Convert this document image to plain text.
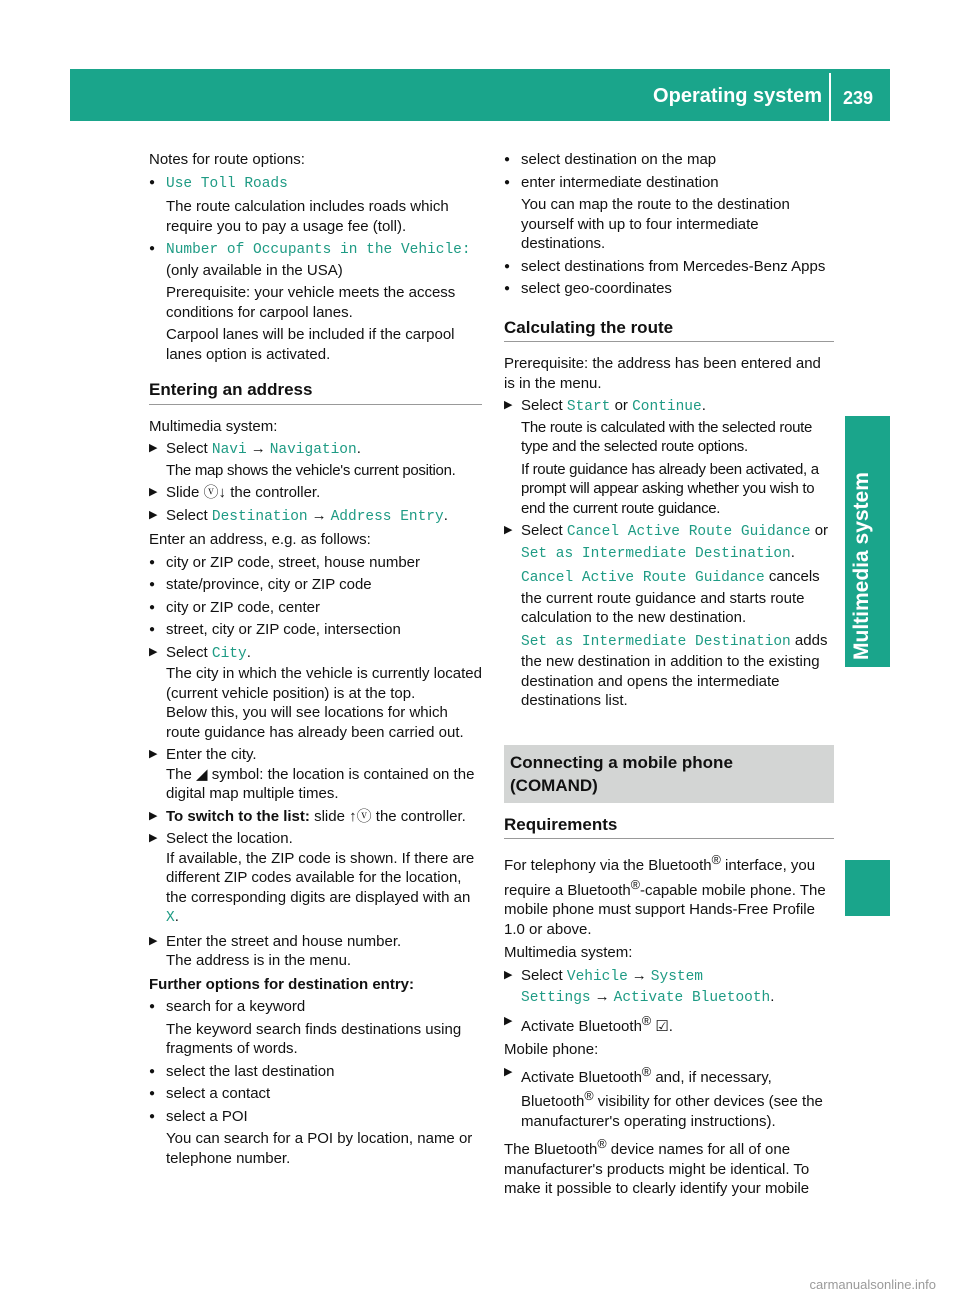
Operating system 239
Multimedia system

Notes for route options:

● Use Toll Roads

The route calculation includes roads which require you to pay a usage fee (toll).

● Number of Occupants in the Vehicle:

(only available in the USA)

Prerequisite: your vehicle meets the access conditions for carpool lanes.

Carpool lanes will be included if the carpool lanes option is activated.

Entering an address

Multimedia system:

▶ Select Navi → Navigation.

The map shows the vehicle's current position.

▶ Slide ⓥ↓ the controller.
▶ Select Destination → Address Entry.

Enter an address, e.g. as follows:

● city or ZIP code, street, house number
● state/province, city or ZIP code
● city or ZIP code, center
● street, city or ZIP code, intersection
▶ Select City.

The city in which the vehicle is currently located (current vehicle position) is at the top.

Below this, you will see locations for which route guidance has already been carried out.

▶ Enter the city.

The ◢ symbol: the location is contained on the digital map multiple times.

▶ To switch to the list: slide ↑ⓥ the controller.
▶ Select the location.

If available, the ZIP code is shown. If there are different ZIP codes available for the location, the corresponding digits are displayed with an X.

▶ Enter the street and house number.

The address is in the menu.

Further options for destination entry:

● search for a keyword

The keyword search finds destinations using fragments of words.

● select the last destination
● select a contact
● select a POI

You can search for a POI by location, name or telephone number.

● select destination on the map
● enter intermediate destination

You can map the route to the destination yourself with up to four intermediate destinations.

● select destinations from Mercedes-Benz Apps
● select geo-coordinates
Calculating the route

Prerequisite: the address has been entered and is in the menu.

▶ Select Start or Continue.

The route is calculated with the selected route type and the selected route options.

If route guidance has already been activated, a prompt will appear asking whether you wish to end the current route guidance.

▶ Select Cancel Active Route Guidance or Set as Intermediate Destination.

Cancel Active Route Guidance cancels the current route guidance and starts route calculation to the new destination.

Set as Intermediate Destination adds the new destination in addition to the existing destination and opens the intermediate destinations list.

Connecting a mobile phone
(COMAND)
Requirements

For telephony via the Bluetooth® interface, you require a Bluetooth®-capable mobile phone. The mobile phone must support Hands-Free Profile 1.0 or above.

Multimedia system:

▶ Select Vehicle → System Settings → Activate Bluetooth.
▶ Activate Bluetooth® ☑.

Mobile phone:

▶ Activate Bluetooth® and, if necessary, Bluetooth® visibility for other devices (see the manufacturer's operating instructions).

The Bluetooth® device names for all of one manufacturer's products might be identical. To make it possible to clearly identify your mobile

carmanualsonline.info
